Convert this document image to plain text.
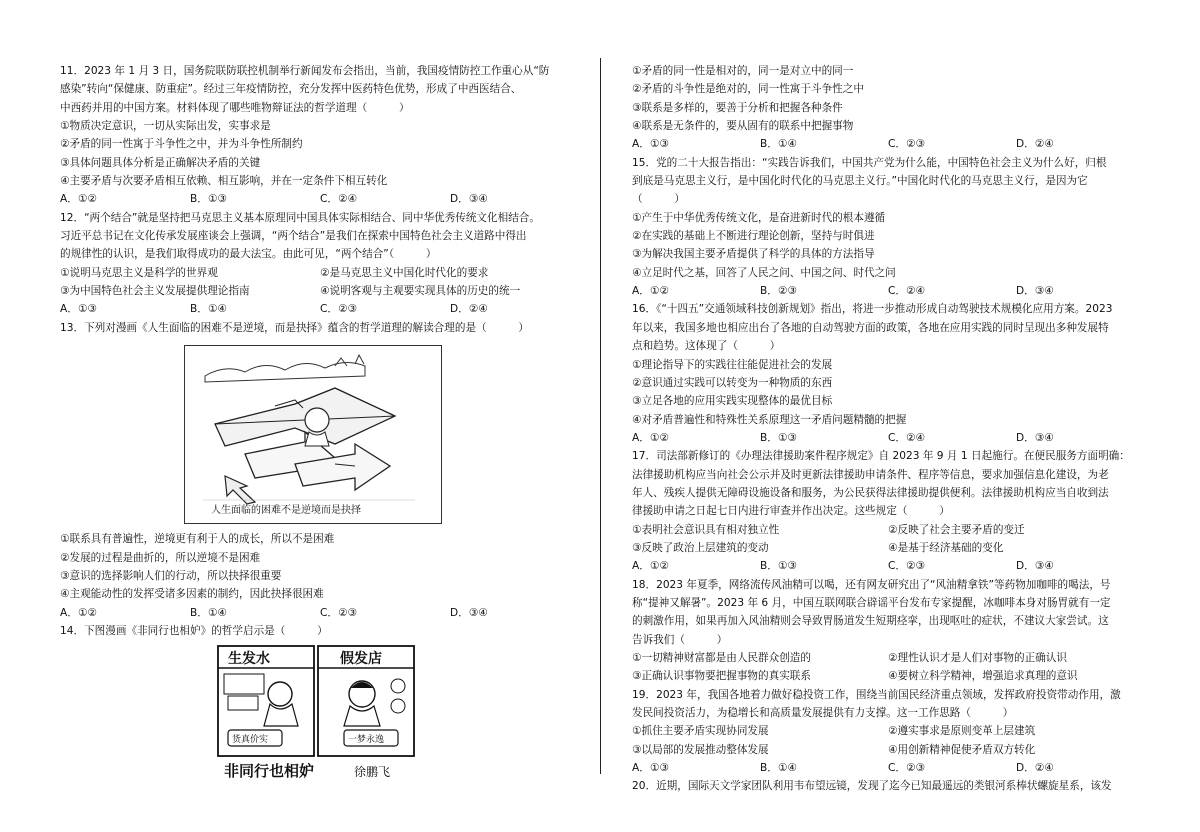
11．2023 年 1 月 3 日，国务院联防联控机制举行新闻发布会指出，当前，我国疫情防控工作重心从“防
感染”转向“保健康、防重症”。经过三年疫情防控，充分发挥中医药特色优势，形成了中西医结合、
中西药并用的中国方案。材料体现了哪些唯物辩证法的哲学道理（　　　）
①物质决定意识，一切从实际出发，实事求是
②矛盾的同一性寓于斗争性之中，并为斗争性所制约
③具体问题具体分析是正确解决矛盾的关键
④主要矛盾与次要矛盾相互依赖、相互影响，并在一定条件下相互转化
A．①②	B．①③	C．②④	D．③④
12．“两个结合”就是坚持把马克思主义基本原理同中国具体实际相结合、同中华优秀传统文化相结合。
习近平总书记在文化传承发展座谈会上强调，“两个结合”是我们在探索中国特色社会主义道路中得出
的规律性的认识，是我们取得成功的最大法宝。由此可见，“两个结合”（　　　）
①说明马克思主义是科学的世界观	②是马克思主义中国化时代化的要求
③为中国特色社会主义发展提供理论指南	④说明客观与主观要实现具体的历史的统一
A．①③	B．①④	C．②③	D．②④
13．下列对漫画《人生面临的困难不是逆境，而是抉择》蕴含的哲学道理的解读合理的是（　　　）
人生面临的困难不是逆境而是抉择
①联系具有普遍性，逆境更有利于人的成长，所以不是困难
②发展的过程是曲折的，所以逆境不是困难
③意识的选择影响人们的行动，所以抉择很重要
④主观能动性的发挥受诸多因素的制约，因此抉择很困难
A．①②	B．①④	C．②③	D．③④
14．下图漫画《非同行也相妒》的哲学启示是（　　　）
生发水	假发店
货真价实	一梦永逸
非同行也相妒	徐鹏飞
①矛盾的同一性是相对的，同一是对立中的同一
②矛盾的斗争性是绝对的，同一性寓于斗争性之中
③联系是多样的，要善于分析和把握各种条件
④联系是无条件的，要从固有的联系中把握事物
A．①③	B．①④	C．②③	D．②④
15．党的二十大报告指出：“实践告诉我们，中国共产党为什么能，中国特色社会主义为什么好，归根
到底是马克思主义行，是中国化时代化的马克思主义行。”中国化时代化的马克思主义行，是因为它
（　　　）
①产生于中华优秀传统文化，是奋进新时代的根本遵循
②在实践的基础上不断进行理论创新，坚持与时俱进
③为解决我国主要矛盾提供了科学的具体的方法指导
④立足时代之基，回答了人民之问、中国之问、时代之问
A．①②	B．②③	C．②④	D．③④
16．《“十四五”交通领域科技创新规划》指出，将进一步推动形成自动驾驶技术规模化应用方案。2023
年以来，我国多地也相应出台了各地的自动驾驶方面的政策，各地在应用实践的同时呈现出多种发展特
点和趋势。这体现了（　　　）
①理论指导下的实践往往能促进社会的发展
②意识通过实践可以转变为一种物质的东西
③立足各地的应用实践实现整体的最优目标
④对矛盾普遍性和特殊性关系原理这一矛盾问题精髓的把握
A．①②	B．①③	C．②④	D．③④
17．司法部新修订的《办理法律援助案件程序规定》自 2023 年 9 月 1 日起施行。在便民服务方面明确：
法律援助机构应当向社会公示并及时更新法律援助申请条件、程序等信息，要求加强信息化建设，为老
年人、残疾人提供无障碍设施设备和服务，为公民获得法律援助提供便利。法律援助机构应当自收到法
律援助申请之日起七日内进行审查并作出决定。这些规定（　　　）
①表明社会意识具有相对独立性	②反映了社会主要矛盾的变迁
③反映了政治上层建筑的变动	④是基于经济基础的变化
A．①②	B．①③	C．②③	D．③④
18．2023 年夏季，网络流传风油精可以喝，还有网友研究出了“风油精拿铁”等药物加咖啡的喝法，号
称“提神又解暑”。2023 年 6 月，中国互联网联合辟谣平台发布专家提醒，冰咖啡本身对肠胃就有一定
的刺激作用，如果再加入风油精则会导致胃肠道发生短期痉挛，出现呕吐的症状，不建议大家尝试。这
告诉我们（　　　）
①一切精神财富都是由人民群众创造的	②理性认识才是人们对事物的正确认识
③正确认识事物要把握事物的真实联系	④要树立科学精神，增强追求真理的意识
19．2023 年，我国各地着力做好稳投资工作，围绕当前国民经济重点领域，发挥政府投资带动作用，激
发民间投资活力，为稳增长和高质量发展提供有力支撑。这一工作思路（　　　）
①抓住主要矛盾实现协同发展	②遵实事求是原则变革上层建筑
③以局部的发展推动整体发展	④用创新精神促使矛盾双方转化
A．①③	B．①④	C．②③	D．②④
20．近期，国际天文学家团队利用韦布望远镜，发现了迄今已知最遥远的类银河系棒状螺旋星系，该发
